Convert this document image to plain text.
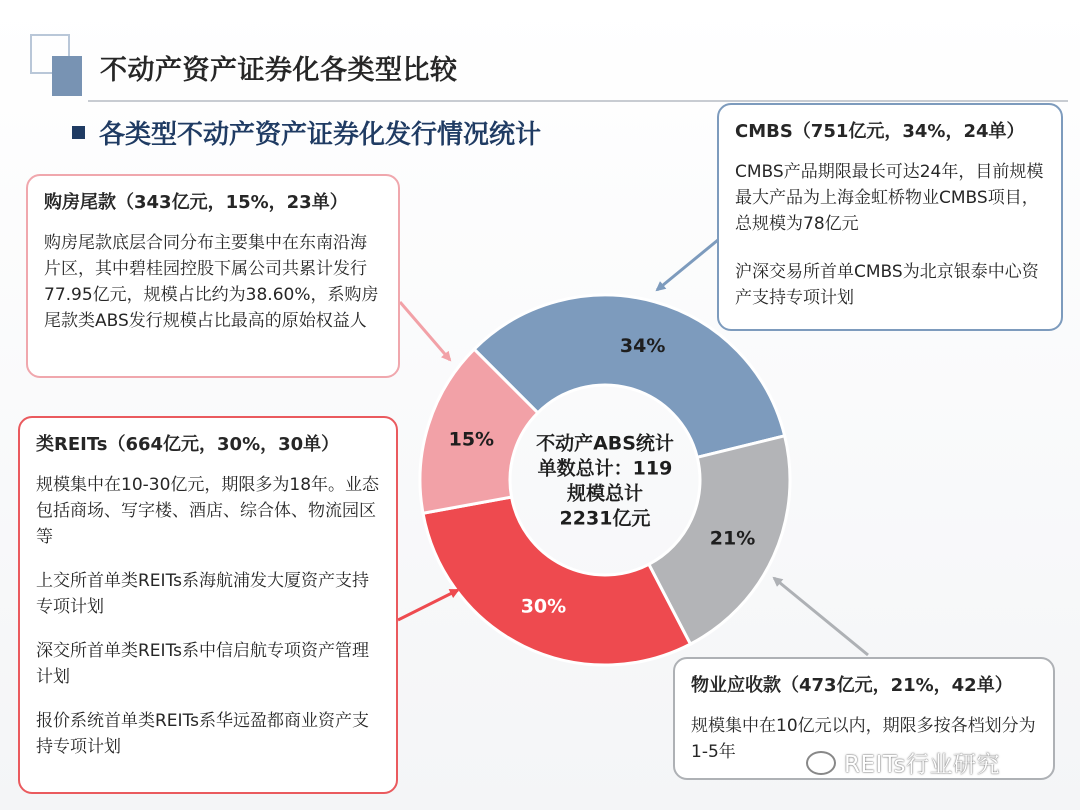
不动产资产证券化各类型比较
各类型不动产资产证券化发行情况统计
34%
21%
30%
15% 不动产ABS统计
单数总计：119
规模总计
2231亿元
购房尾款（343亿元，15%，23单）
购房尾款底层合同分布主要集中在东南沿海片区，其中碧桂园控股下属公司共累计发行77.95亿元，规模占比约为38.60%，系购房尾款类ABS发行规模占比最高的原始权益人
类REITs（664亿元，30%，30单）
规模集中在10-30亿元，期限多为18年。业态包括商场、写字楼、酒店、综合体、物流园区等
上交所首单类REITs系海航浦发大厦资产支持专项计划
深交所首单类REITs系中信启航专项资产管理计划
报价系统首单类REITs系华远盈都商业资产支持专项计划
CMBS（751亿元，34%，24单）
CMBS产品期限最长可达24年，目前规模最大产品为上海金虹桥物业CMBS项目，总规模为78亿元
沪深交易所首单CMBS为北京银泰中心资产支持专项计划
物业应收款（473亿元，21%，42单）
规模集中在10亿元以内，期限多按各档划分为1-5年	REITs行业研究
